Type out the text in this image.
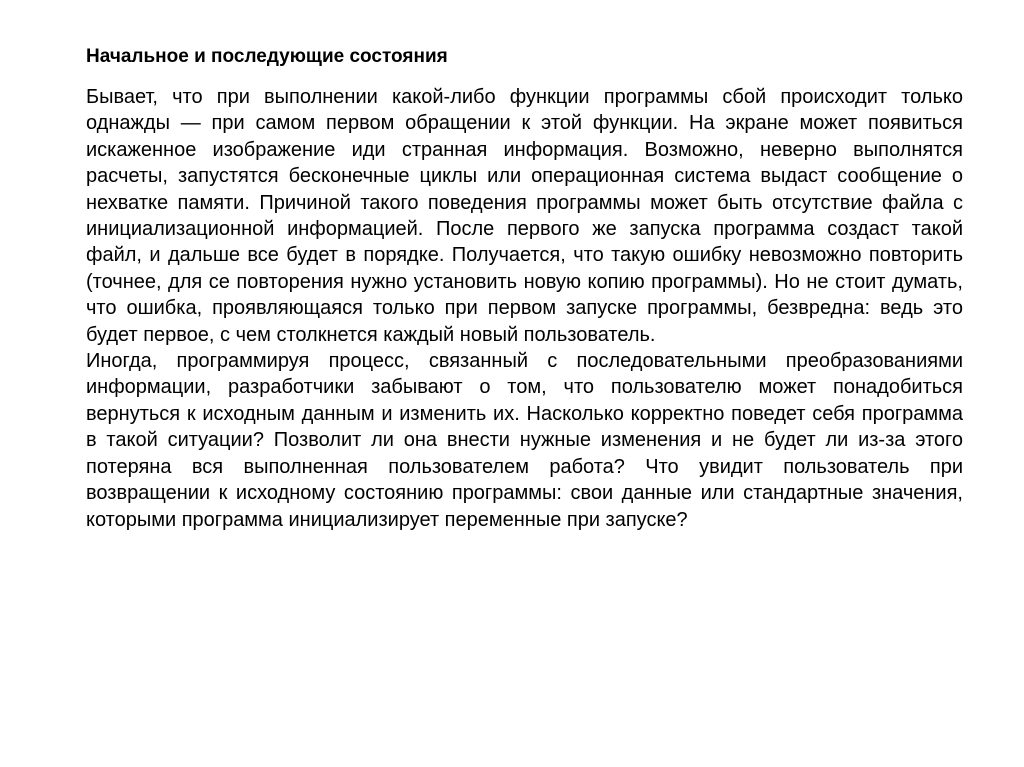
Начальное и последующие состояния

Бывает, что при выполнении какой-либо функции программы сбой происходит только однажды — при самом первом обращении к этой функции. На экране может появиться искаженное изображение иди странная информация. Возможно, неверно выполнятся расчеты, запустятся бесконечные циклы или операционная система выдаст сообщение о нехватке памяти. Причиной такого поведения программы может быть отсутствие файла с инициализационной информацией. После первого же запуска программа создаст такой файл, и дальше все будет в порядке. Получается, что такую ошибку невозможно повторить (точнее, для се повторения нужно установить новую копию программы). Но не стоит думать, что ошибка, проявляющаяся только при первом запуске программы, безвредна: ведь это будет первое, с чем столкнется каждый новый пользователь.

Иногда, программируя процесс, связанный с последовательными преобразованиями информации, разработчики забывают о том, что пользователю может понадобиться вернуться к исходным данным и изменить их. Насколько корректно поведет себя программа в такой ситуации? Позволит ли она внести нужные изменения и не будет ли из-за этого потеряна вся выполненная пользователем работа? Что увидит пользователь при возвращении к исходному состоянию программы: свои данные или стандартные значения, которыми программа инициализирует переменные при запуске?
